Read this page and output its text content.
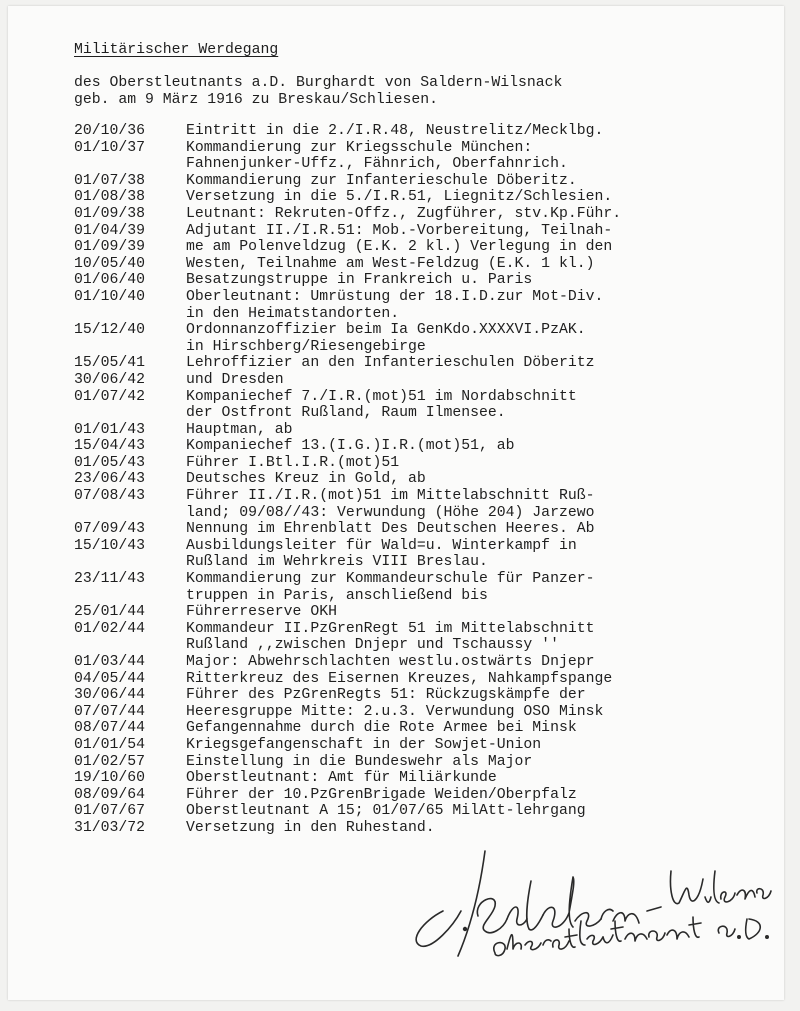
Militärischer Werdegang
des Oberstleutnants a.D. Burghardt von Saldern-Wilsnack
geb. am 9 März 1916 zu Breskau/Schliesen.
20/10/36	Eintritt in die 2./I.R.48, Neustrelitz/Mecklbg.
01/10/37	Kommandierung zur Kriegsschule München:
Fahnenjunker-Uffz., Fähnrich, Oberfahnrich.
01/07/38	Kommandierung zur Infanterieschule Döberitz.
01/08/38	Versetzung in die 5./I.R.51, Liegnitz/Schlesien.
01/09/38	Leutnant: Rekruten-Offz., Zugführer, stv.Kp.Führ.
01/04/39	Adjutant II./I.R.51: Mob.-Vorbereitung, Teilnah-
01/09/39	me am Polenveldzug (E.K. 2 kl.) Verlegung in den
10/05/40	Westen, Teilnahme am West-Feldzug (E.K. 1 kl.)
01/06/40	Besatzungstruppe in Frankreich u. Paris
01/10/40	Oberleutnant: Umrüstung der 18.I.D.zur Mot-Div.
in den Heimatstandorten.
15/12/40	Ordonnanzoffizier beim Ia GenKdo.XXXXVI.PzAK.
in Hirschberg/Riesengebirge
15/05/41	Lehroffizier an den Infanterieschulen Döberitz
30/06/42	und Dresden
01/07/42	Kompaniechef 7./I.R.(mot)51 im Nordabschnitt
der Ostfront Rußland, Raum Ilmensee.
01/01/43	Hauptman, ab
15/04/43	Kompaniechef 13.(I.G.)I.R.(mot)51, ab
01/05/43	Führer I.Btl.I.R.(mot)51
23/06/43	Deutsches Kreuz in Gold, ab
07/08/43	Führer II./I.R.(mot)51 im Mittelabschnitt Ruß-
land; 09/08//43: Verwundung (Höhe 204) Jarzewo
07/09/43	Nennung im Ehrenblatt Des Deutschen Heeres. Ab
15/10/43	Ausbildungsleiter für Wald=u. Winterkampf in
Rußland im Wehrkreis VIII Breslau.
23/11/43	Kommandierung zur Kommandeurschule für Panzer-
truppen in Paris, anschließend bis
25/01/44	Führerreserve OKH
01/02/44	Kommandeur II.PzGrenRegt 51 im Mittelabschnitt
Rußland ,,zwischen Dnjepr und Tschaussy ''
01/03/44	Major: Abwehrschlachten westlu.ostwärts Dnjepr
04/05/44	Ritterkreuz des Eisernen Kreuzes, Nahkampfspange
30/06/44	Führer des PzGrenRegts 51: Rückzugskämpfe der
07/07/44	Heeresgruppe Mitte: 2.u.3. Verwundung OSO Minsk
08/07/44	Gefangennahme durch die Rote Armee bei Minsk
01/01/54	Kriegsgefangenschaft in der Sowjet-Union
01/02/57	Einstellung in die Bundeswehr als Major
19/10/60	Oberstleutnant: Amt für Miliärkunde
08/09/64	Führer der 10.PzGrenBrigade Weiden/Oberpfalz
01/07/67	Oberstleutnant A 15; 01/07/65 MilAtt-lehrgang
31/03/72	Versetzung in den Ruhestand.
